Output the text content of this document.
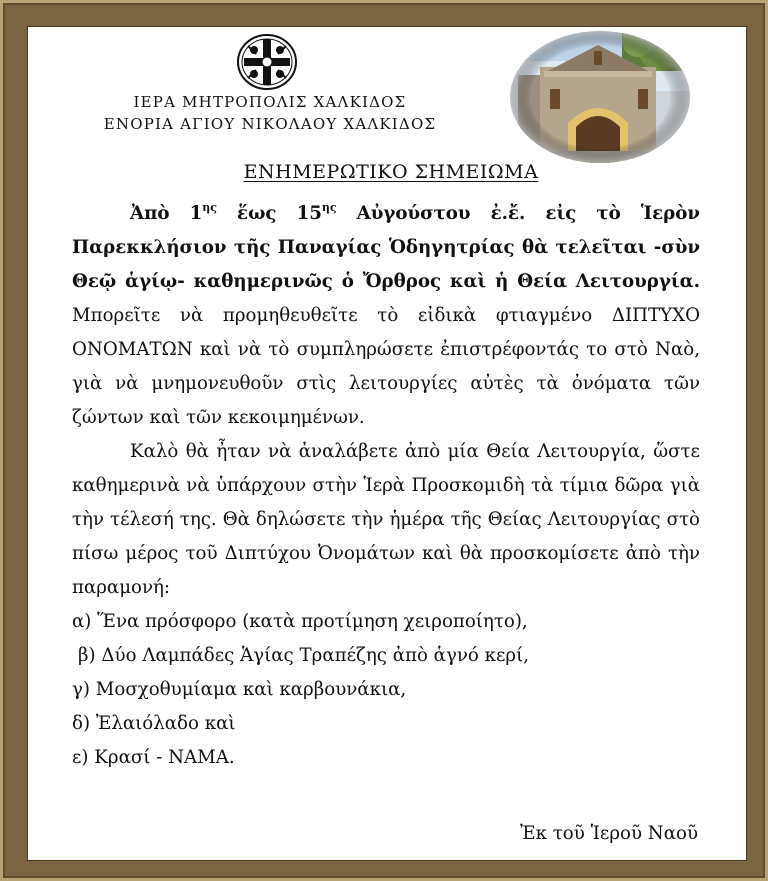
ΙΕΡΑ ΜΗΤΡΟΠΟΛΙΣ ΧΑΛΚΙΔΟΣ
ΕΝΟΡΙΑ ΑΓΙΟΥ ΝΙΚΟΛΑΟΥ ΧΑΛΚΙΔΟΣ
ΕΝΗΜΕΡΩΤΙΚΟ ΣΗΜΕΙΩΜΑ

Ἀπὸ $1^{\eta\varsigma}$ ἕως $15^{\eta\varsigma}$ Αὐγούστου ἐ.ἔ. εἰς τὸ Ἱερὸν Παρεκκλήσιον τῆς Παναγίας Ὁδηγητρίας θὰ τελεῖται -σὺν Θεῷ ἁγίῳ- καθημερινῶς ὁ Ὄρθρος καὶ ἡ Θεία Λειτουργία. Μπορεῖτε νὰ προμηθευθεῖτε τὸ εἰδικὰ φτιαγμένο ΔΙΠΤΥΧΟ ΟΝΟΜΑΤΩΝ καὶ νὰ τὸ συμπληρώσετε ἐπιστρέφοντάς το στὸ Ναὸ, γιὰ νὰ μνημονευθοῦν στὶς λειτουργίες αὐτὲς τὰ ὀνόματα τῶν ζώντων καὶ τῶν κεκοιμημένων.

Καλὸ θὰ ἦταν νὰ ἀναλάβετε ἀπὸ μία Θεία Λειτουργία, ὥστε καθημερινὰ νὰ ὑπάρχουν στὴν Ἱερὰ Προσκομιδὴ τὰ τίμια δῶρα γιὰ τὴν τέλεσή της. Θὰ δηλώσετε τὴν ἡμέρα τῆς Θείας Λειτουργίας στὸ πίσω μέρος τοῦ Διπτύχου Ὀνομάτων καὶ θὰ προσκομίσετε ἀπὸ τὴν παραμονή:

α) Ἕνα πρόσφορο (κατὰ προτίμηση χειροποίητο),
β) Δύο Λαμπάδες Ἁγίας Τραπέζης ἀπὸ ἁγνό κερί,
γ) Μοσχοθυμίαμα καὶ καρβουνάκια,
δ) Ἐλαιόλαδο καὶ
ε) Κρασί - ΝΑΜΑ.
Ἐκ τοῦ Ἱεροῦ Ναοῦ
